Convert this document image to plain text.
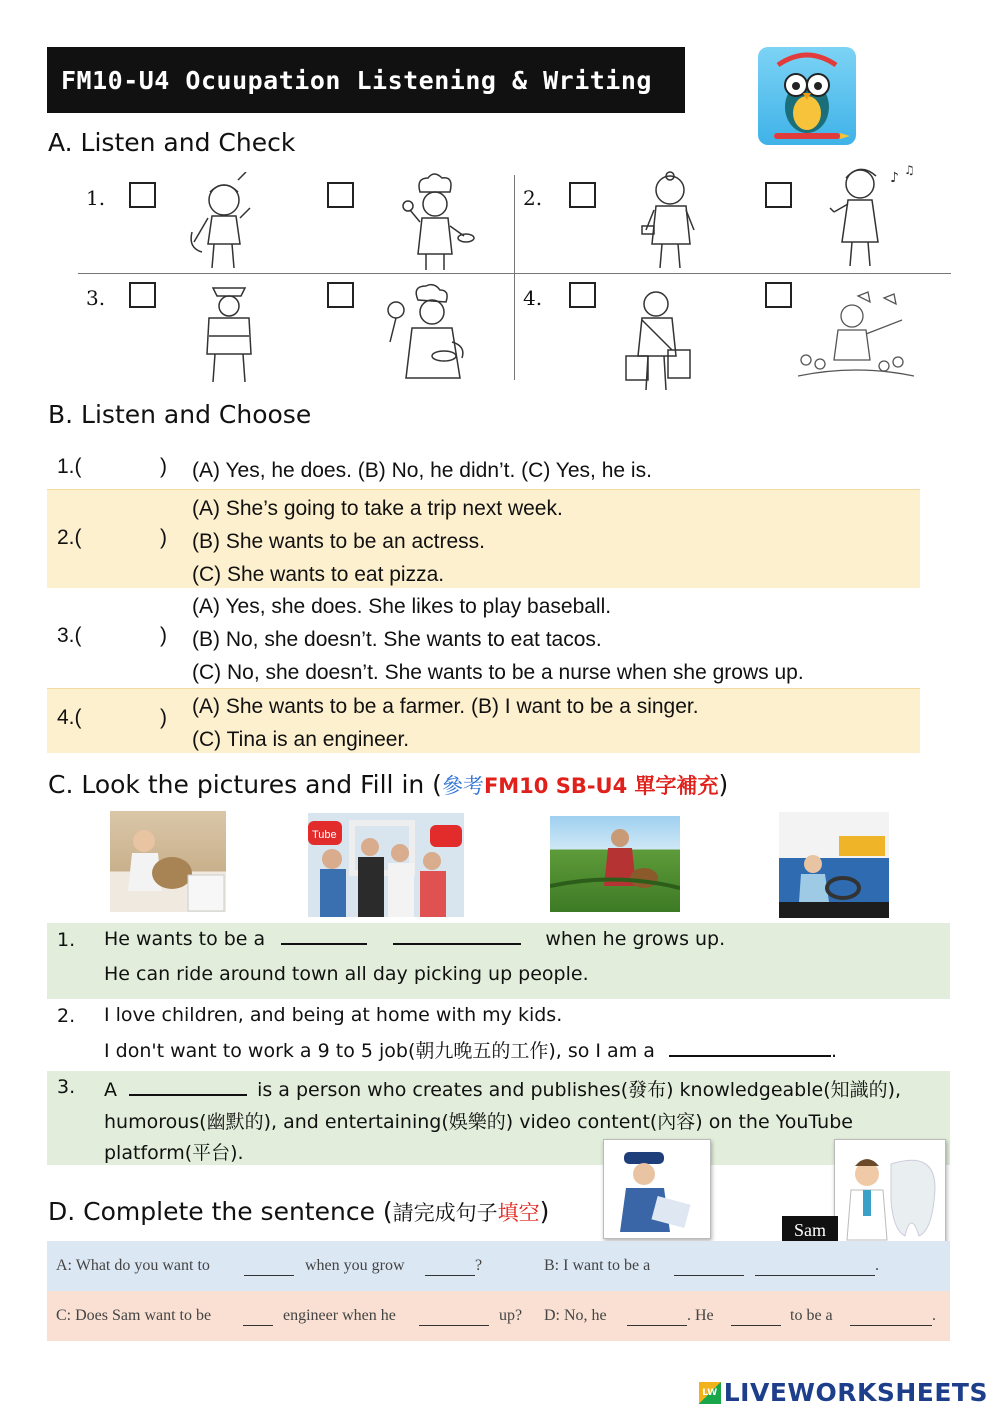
FM10-U4 Ocuupation Listening & Writing
A. Listen and Check
1.	2.
3.	4.
♪ ♫
B. Listen and Choose
1.(	) (A) Yes, he does. (B) No, he didn’t. (C) Yes, he is.
2.(	)
(A) She’s going to take a trip next week.
(B) She wants to be an actress.
(C) She wants to eat pizza.
3.(	)
(A) Yes, she does. She likes to play baseball.
(B) No, she doesn’t. She wants to eat tacos.
(C) No, she doesn’t. She wants to be a nurse when she grows up.
4.(	) (A) She wants to be a farmer. (B) I want to be a singer.
(C) Tina is an engineer.
C. Look the pictures and Fill in (參考FM10 SB-U4 單字補充)
Tube
1. He wants to be a	when he grows up.
He can ride around town all day picking up people.
2. I love children, and being at home with my kids.
I don't want to work a 9 to 5 job(朝九晚五的工作), so I am a	.
3. A	is a person who creates and publishes(發布) knowledgeable(知識的),
humorous(幽默的), and entertaining(娛樂的) video content(內容) on the YouTube
platform(平台).
D. Complete the sentence (請完成句子填空)
Sam
A: What do you want to	when you grow	?	B: I want to be a	.
C: Does Sam want to be	engineer when he	up? D: No, he	. He	to be a	.
LW LIVEWORKSHEETS
